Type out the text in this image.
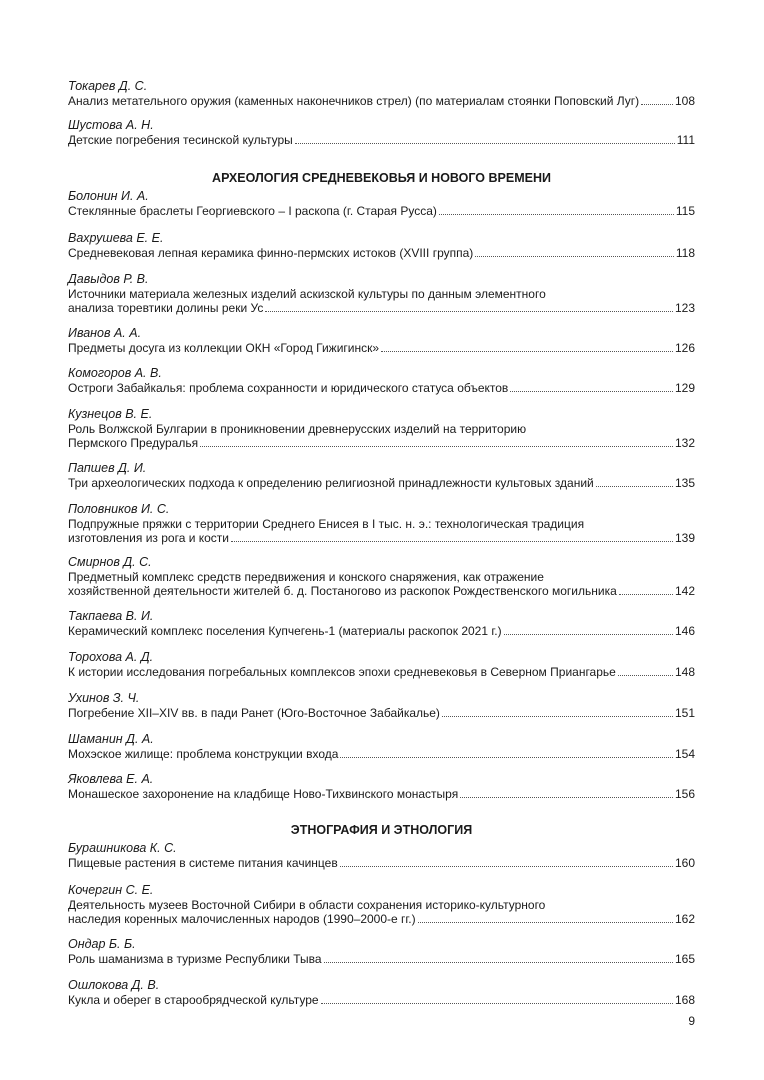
АРХЕОЛОГИЯ СРЕДНЕВЕКОВЬЯ И НОВОГО ВРЕМЕНИ
ЭТНОГРАФИЯ И ЭТНОЛОГИЯ
Токарев Д. С.
Анализ метательного оружия (каменных наконечников стрел) (по материалам стоянки Поповский Луг)	108
Шустова А. Н.
Детские погребения тесинской культуры	111
Болонин И. А.
Стеклянные браслеты Георгиевского – I раскопа (г. Старая Русса)	115
Вахрушева Е. Е.
Средневековая лепная керамика финно-пермских истоков (XVIII группа)	118
Давыдов Р. В.
Источники материала железных изделий аскизской культуры по данным элементного
анализа торевтики долины реки Ус	123
Иванов А. А.
Предметы досуга из коллекции ОКН «Город Гижигинск»	126
Комогоров А. В.
Остроги Забайкалья: проблема сохранности и юридического статуса объектов	129
Кузнецов В. Е.
Роль Волжской Булгарии в проникновении древнерусских изделий на территорию
Пермского Предуралья	132
Папшев Д. И.
Три археологических подхода к определению религиозной принадлежности культовых зданий	135
Половников И. С.
Подпружные пряжки с территории Среднего Енисея в I тыс. н. э.: технологическая традиция
изготовления из рога и кости	139
Смирнов Д. С.
Предметный комплекс средств передвижения и конского снаряжения, как отражение
хозяйственной деятельности жителей б. д. Постаногово из раскопок Рождественского могильника	142
Такпаева В. И.
Керамический комплекс поселения Купчегень-1 (материалы раскопок 2021 г.)	146
Торохова А. Д.
К истории исследования погребальных комплексов эпохи средневековья в Северном Приангарье	148
Ухинов З. Ч.
Погребение XII–XIV вв. в пади Ранет (Юго-Восточное Забайкалье)	151
Шаманин Д. А.
Мохэское жилище: проблема конструкции входа	154
Яковлева Е. А.
Монашеское захоронение на кладбище Ново-Тихвинского монастыря	156
Бурашникова К. С.
Пищевые растения в системе питания качинцев	160
Кочергин С. Е.
Деятельность музеев Восточной Сибири в области сохранения историко-культурного
наследия коренных малочисленных народов (1990–2000-е гг.)	162
Ондар Б. Б.
Роль шаманизма в туризме Республики Тыва	165
Ошлокова Д. В.
Кукла и оберег в старообрядческой культуре	168
9
